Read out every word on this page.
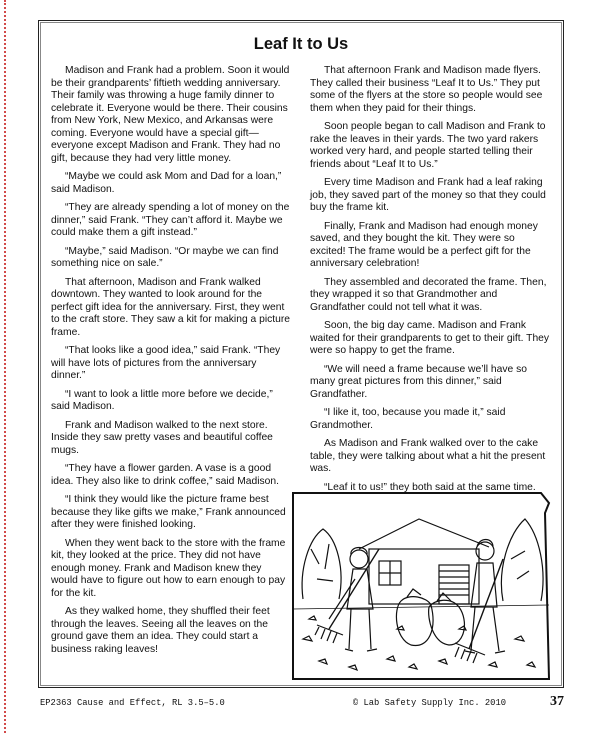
Leaf It to Us

Madison and Frank had a problem. Soon it would be their grandparents’ fiftieth wedding anniversary. Their family was throwing a huge family dinner to celebrate it. Everyone would be there. Their cousins from New York, New Mexico, and Arkansas were coming. Everyone would have a special gift—everyone except Madison and Frank. They had no gift, because they had very little money.

“Maybe we could ask Mom and Dad for a loan,” said Madison.

“They are already spending a lot of money on the dinner,” said Frank. “They can’t afford it. Maybe we could make them a gift instead.”

“Maybe,” said Madison. “Or maybe we can find something nice on sale.”

That afternoon, Madison and Frank walked downtown. They wanted to look around for the perfect gift idea for the anniversary. First, they went to the craft store. They saw a kit for making a picture frame.

“That looks like a good idea,” said Frank. “They will have lots of pictures from the anniversary dinner.”

“I want to look a little more before we decide,” said Madison.

Frank and Madison walked to the next store. Inside they saw pretty vases and beautiful coffee mugs.

“They have a flower garden. A vase is a good idea. They also like to drink coffee,” said Madison.

“I think they would like the picture frame best because they like gifts we make,” Frank announced after they were finished looking.

When they went back to the store with the frame kit, they looked at the price. They did not have enough money. Frank and Madison knew they would have to figure out how to earn enough to pay for the kit.

As they walked home, they shuffled their feet through the leaves. Seeing all the leaves on the ground gave them an idea. They could start a business raking leaves!

That afternoon Frank and Madison made flyers. They called their business “Leaf It to Us.” They put some of the flyers at the store so people would see them when they paid for their things.

Soon people began to call Madison and Frank to rake the leaves in their yards. The two yard rakers worked very hard, and people started telling their friends about “Leaf It to Us.”

Every time Madison and Frank had a leaf raking job, they saved part of the money so that they could buy the frame kit.

Finally, Frank and Madison had enough money saved, and they bought the kit. They were so excited! The frame would be a perfect gift for the anniversary celebration!

They assembled and decorated the frame. Then, they wrapped it so that Grandmother and Grandfather could not tell what it was.

Soon, the big day came. Madison and Frank waited for their grandparents to get to their gift. They were so happy to get the frame.

“We will need a frame because we’ll have so many great pictures from this dinner,” said Grandfather.

“I like it, too, because you made it,” said Grandmother.

As Madison and Frank walked over to the cake table, they were talking about what a hit the present was.

“Leaf it to us!” they both said at the same time.

EP2363 Cause and Effect, RL 3.5–5.0	© Lab Safety Supply Inc. 2010	37
